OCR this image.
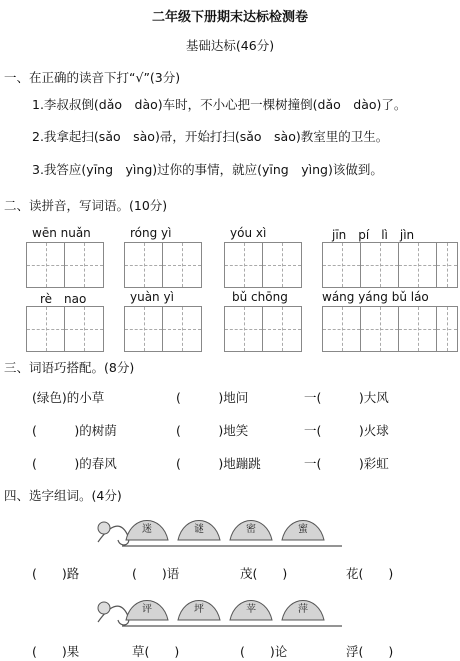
二年级下册期末达标检测卷
基础达标(46分)
一、在正确的读音下打“√”(3分)
1.李叔叔倒(dǎo　dào)车时，不小心把一棵树撞倒(dǎo　dào)了。
2.我拿起扫(sǎo　sào)帚，开始打扫(sǎo　sào)教室里的卫生。
3.我答应(yīng　yìng)过你的事情，就应(yīng　yìng)该做到。
二、读拼音，写词语。(10分)
wēn nuǎn	róng yì	yóu xì	jīn　pí　lì　jìn
rè　nao	yuàn yì	bǔ chōng	wáng yáng bǔ láo
三、词语巧搭配。(8分)
(绿色)的小草	(　　　)地问	一(　　　)大风
(　　　)的树荫	(　　　)地笑	一(　　　)火球
(　　　)的春风	(　　　)地蹦跳	一(　　　)彩虹
四、选字组词。(4分)
迷	谜	密	蜜
(　　)路	(　　)语	茂(　　)	花(　　)
评	坪	苹	萍
(　　)果	草(　　)	(　　)论	浮(　　)
